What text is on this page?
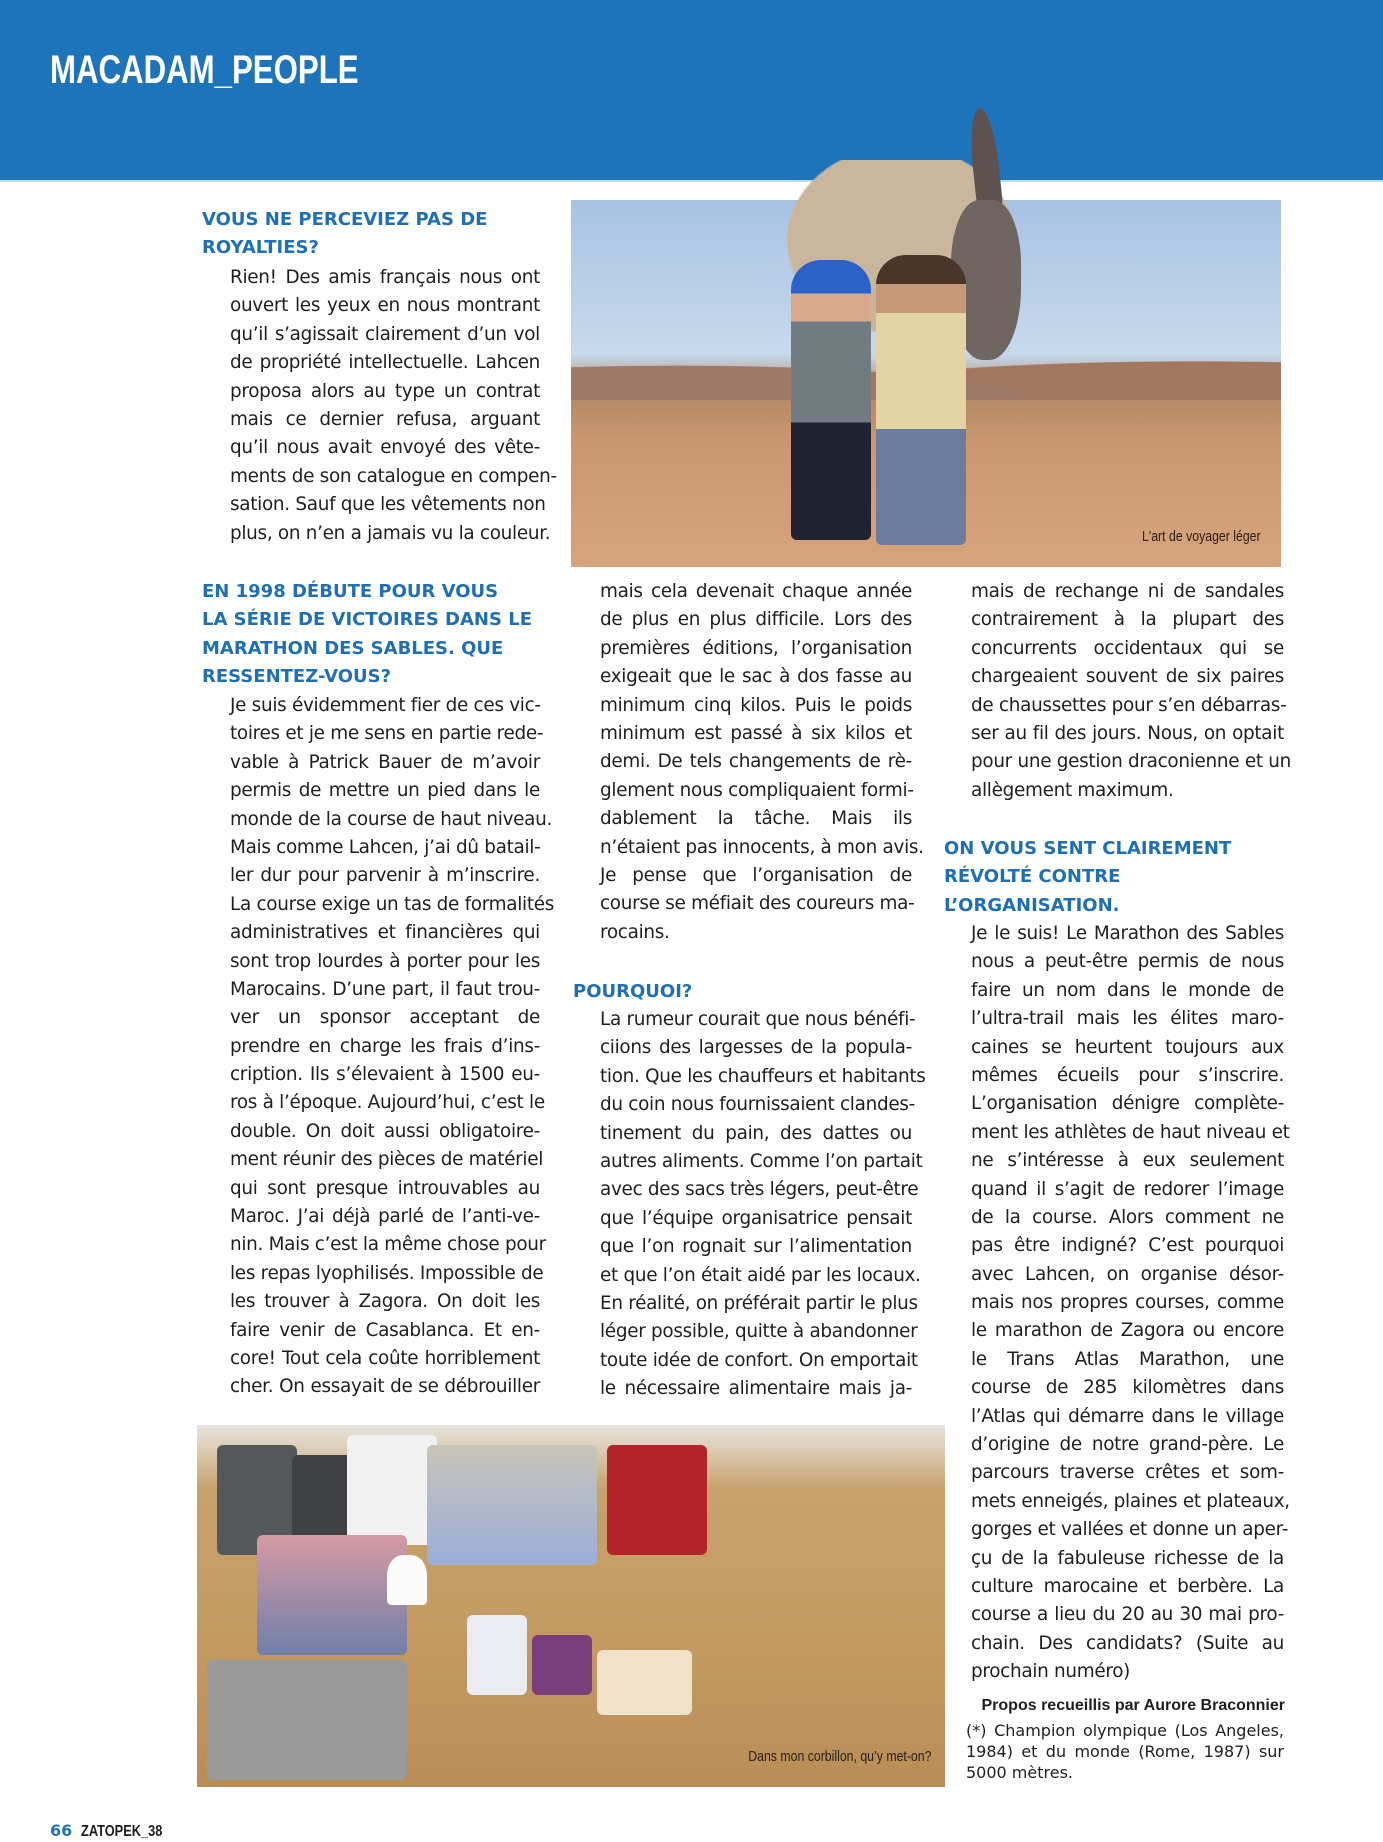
MACADAM_PEOPLE
L'art de voyager léger
VOUS NE PERCEVIEZ PAS DE
ROYALTIES?
Rien! Des amis français nous ont
ouvert les yeux en nous montrant
qu’il s’agissait clairement d’un vol
de propriété intellectuelle. Lahcen
proposa alors au type un contrat
mais ce dernier refusa, arguant
qu’il nous avait envoyé des vête-
ments de son catalogue en compen-
sation. Sauf que les vêtements non
plus, on n’en a jamais vu la couleur.
EN 1998 DÉBUTE POUR VOUS
LA SÉRIE DE VICTOIRES DANS LE
MARATHON DES SABLES. QUE
RESSENTEZ-VOUS?
Je suis évidemment fier de ces vic-
toires et je me sens en partie rede-
vable à Patrick Bauer de m’avoir
permis de mettre un pied dans le
monde de la course de haut niveau.
Mais comme Lahcen, j’ai dû batail-
ler dur pour parvenir à m’inscrire.
La course exige un tas de formalités
administratives et financières qui
sont trop lourdes à porter pour les
Marocains. D’une part, il faut trou-
ver un sponsor acceptant de
prendre en charge les frais d’ins-
cription. Ils s’élevaient à 1500 eu-
ros à l’époque. Aujourd’hui, c’est le
double. On doit aussi obligatoire-
ment réunir des pièces de matériel
qui sont presque introuvables au
Maroc. J’ai déjà parlé de l’anti-ve-
nin. Mais c’est la même chose pour
les repas lyophilisés. Impossible de
les trouver à Zagora. On doit les
faire venir de Casablanca. Et en-
core! Tout cela coûte horriblement
cher. On essayait de se débrouiller
mais cela devenait chaque année
de plus en plus difficile. Lors des
premières éditions, l’organisation
exigeait que le sac à dos fasse au
minimum cinq kilos. Puis le poids
minimum est passé à six kilos et
demi. De tels changements de rè-
glement nous compliquaient formi-
dablement la tâche. Mais ils
n’étaient pas innocents, à mon avis.
Je pense que l’organisation de
course se méfiait des coureurs ma-
rocains.
POURQUOI?
La rumeur courait que nous bénéfi-
ciions des largesses de la popula-
tion. Que les chauffeurs et habitants
du coin nous fournissaient clandes-
tinement du pain, des dattes ou
autres aliments. Comme l’on partait
avec des sacs très légers, peut-être
que l’équipe organisatrice pensait
que l’on rognait sur l’alimentation
et que l’on était aidé par les locaux.
En réalité, on préférait partir le plus
léger possible, quitte à abandonner
toute idée de confort. On emportait
le nécessaire alimentaire mais ja-
mais de rechange ni de sandales
contrairement à la plupart des
concurrents occidentaux qui se
chargeaient souvent de six paires
de chaussettes pour s’en débarras-
ser au fil des jours. Nous, on optait
pour une gestion draconienne et un
allègement maximum.
ON VOUS SENT CLAIREMENT
RÉVOLTÉ CONTRE
L’ORGANISATION.
Je le suis! Le Marathon des Sables
nous a peut-être permis de nous
faire un nom dans le monde de
l’ultra-trail mais les élites maro-
caines se heurtent toujours aux
mêmes écueils pour s’inscrire.
L’organisation dénigre complète-
ment les athlètes de haut niveau et
ne s’intéresse à eux seulement
quand il s’agit de redorer l’image
de la course. Alors comment ne
pas être indigné? C’est pourquoi
avec Lahcen, on organise désor-
mais nos propres courses, comme
le marathon de Zagora ou encore
le Trans Atlas Marathon, une
course de 285 kilomètres dans
l’Atlas qui démarre dans le village
d’origine de notre grand-père. Le
parcours traverse crêtes et som-
mets enneigés, plaines et plateaux,
gorges et vallées et donne un aper-
çu de la fabuleuse richesse de la
culture marocaine et berbère. La
course a lieu du 20 au 30 mai pro-
chain. Des candidats? (Suite au
prochain numéro)
Propos recueillis par Aurore Braconnier
(*) Champion olympique (Los Angeles, 1984) et du monde (Rome, 1987) sur 5000 mètres.
Dans mon corbillon, qu’y met-on?
66 ZATOPEK_38
